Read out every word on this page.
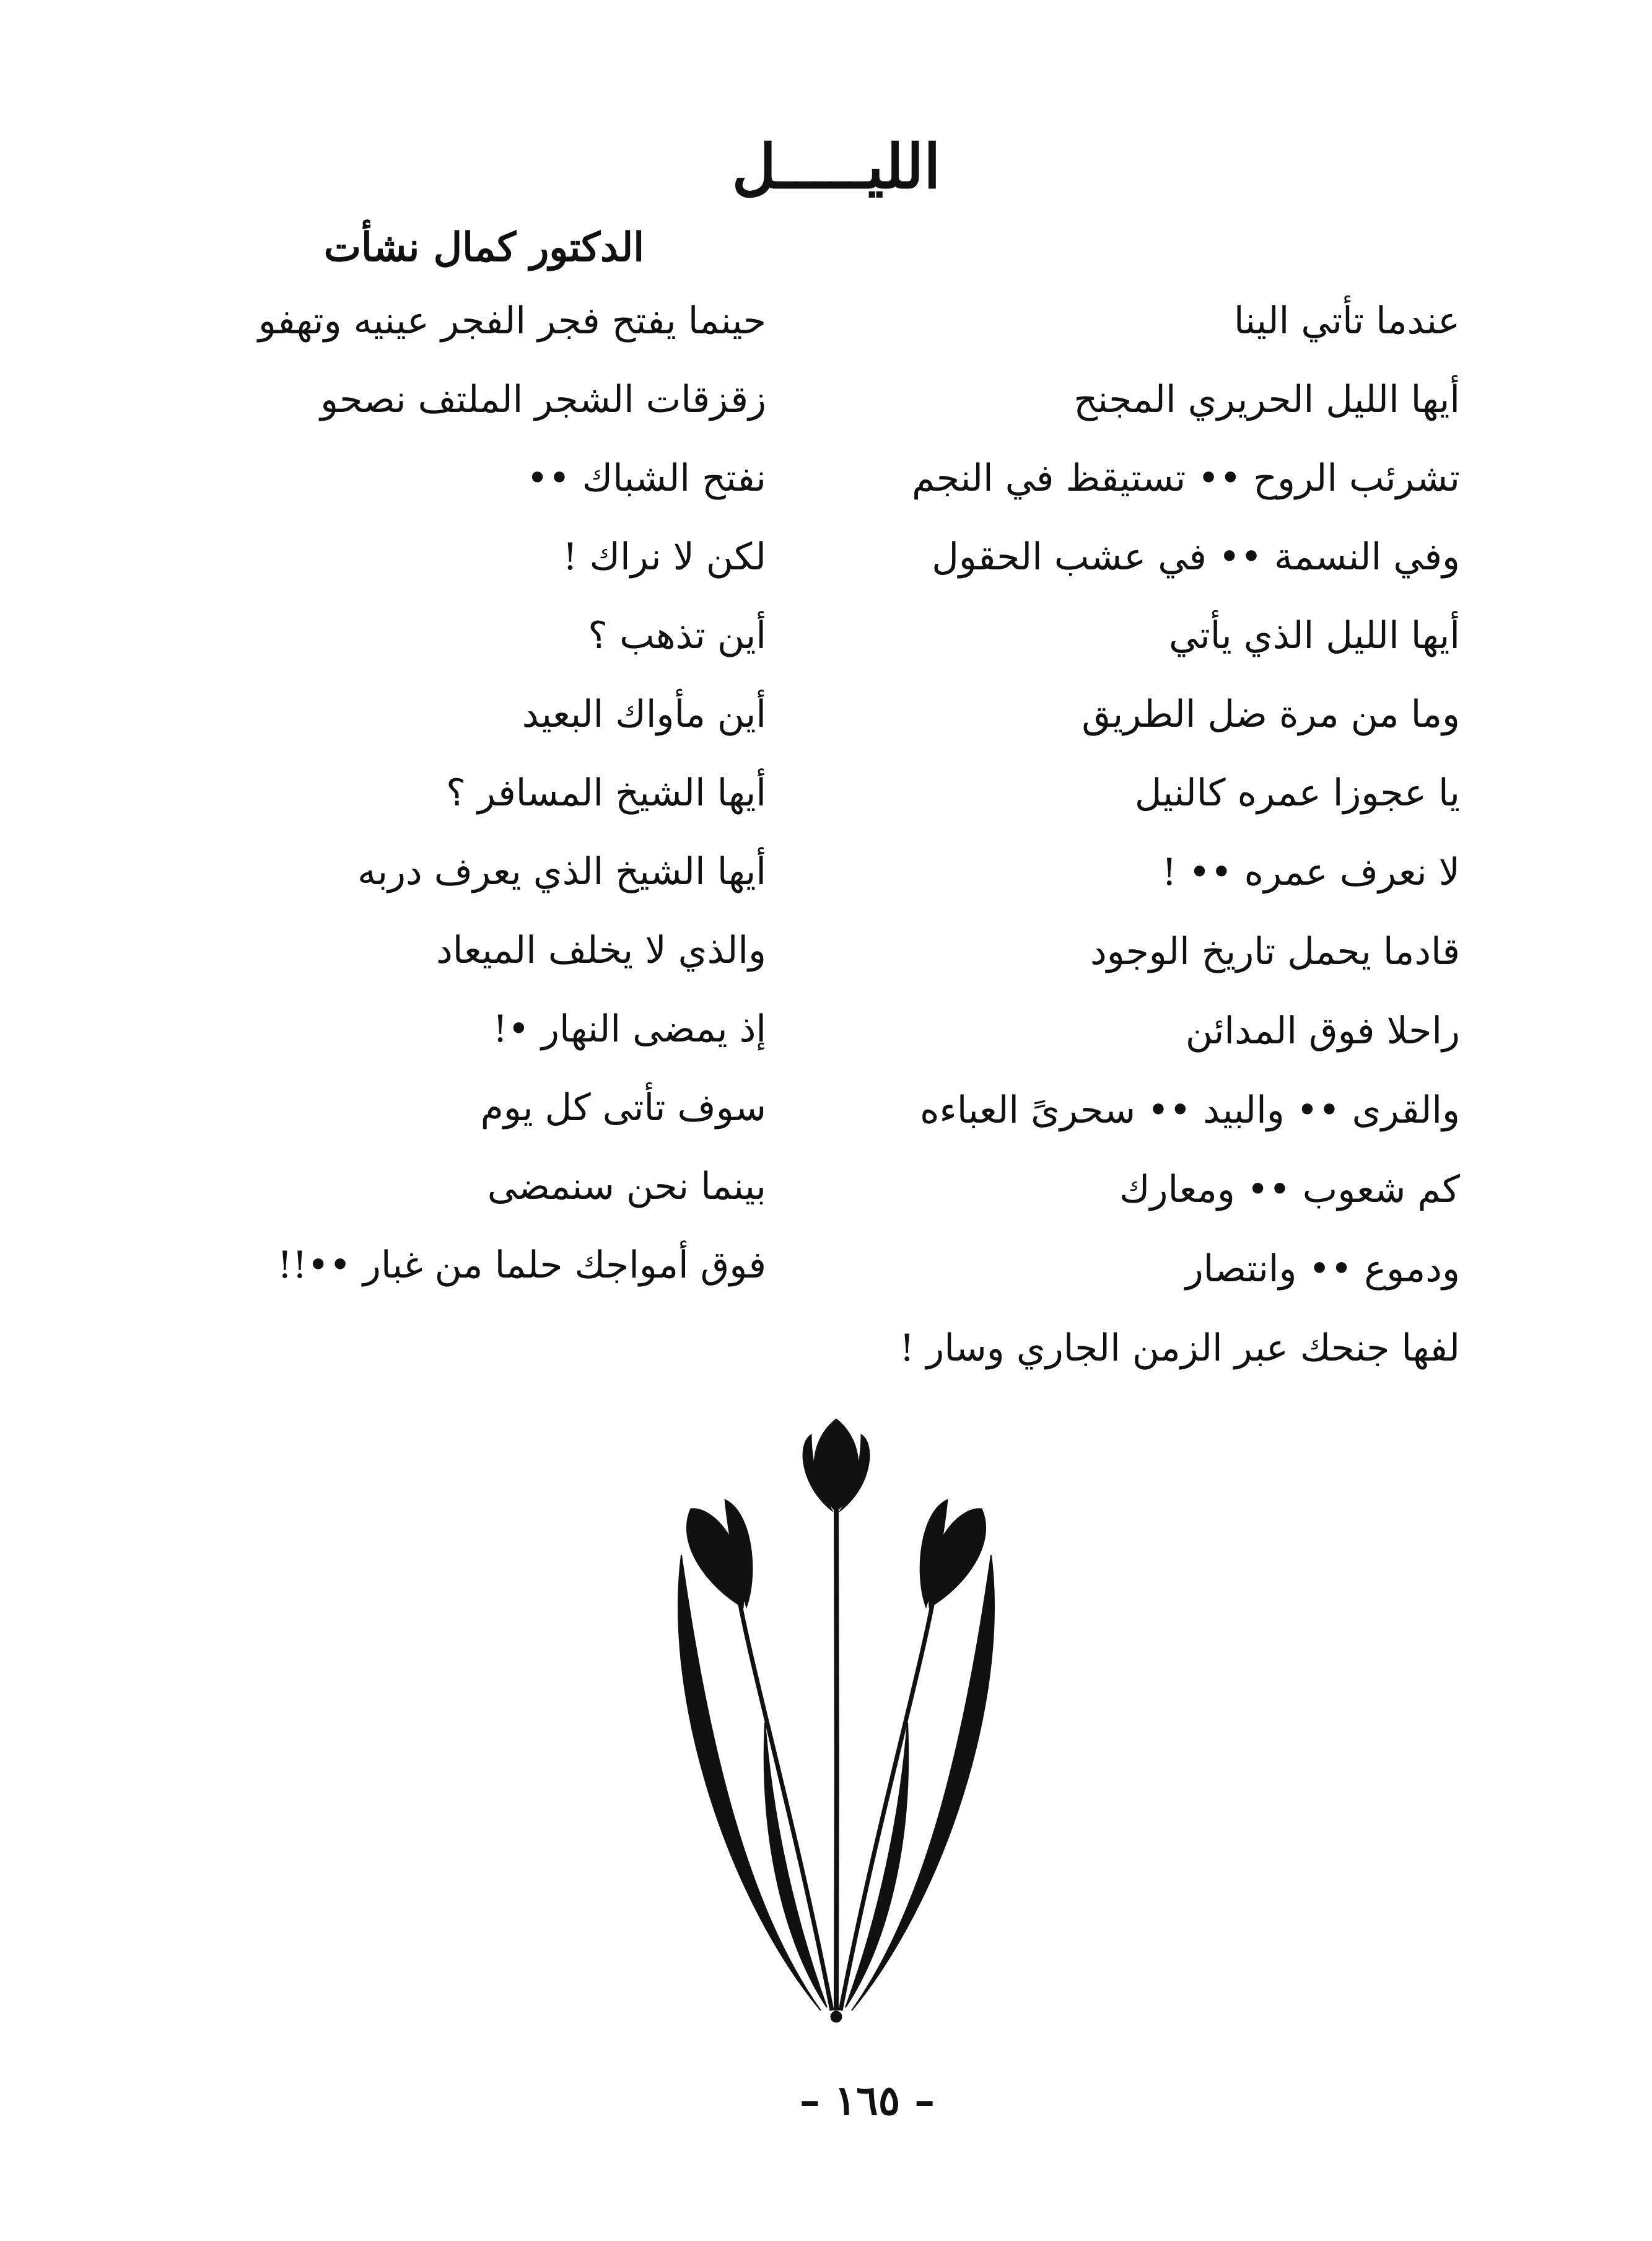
الليـــــل
الدكتور كمال نشأت
عندما تأتي الينا
أيها الليل الحريري المجنح
تشرئب الروح •• تستيقظ في النجم
وفي النسمة •• في عشب الحقول
أيها الليل الذي يأتي
وما من مرة ضل الطريق
يا عجوزا عمره كالنيل
لا نعرف عمره •• !
قادما يحمل تاريخ الوجود
راحلا فوق المدائن
والقرى •• والبيد •• سحرىً العباءه
كم شعوب •• ومعارك
ودموع •• وانتصار
لفها جنحك عبر الزمن الجاري وسار !
حينما يفتح فجر الفجر عينيه وتهفو
زقزقات الشجر الملتف نصحو
نفتح الشباك ••
لكن لا نراك !
أين تذهب ؟
أين مأواك البعيد
أيها الشيخ المسافر ؟
أيها الشيخ الذي يعرف دربه
والذي لا يخلف الميعاد
إذ يمضى النهار •!
سوف تأتى كل يوم
بينما نحن سنمضى
فوق أمواجك حلما من غبار ••!!
– ١٦٥ –
